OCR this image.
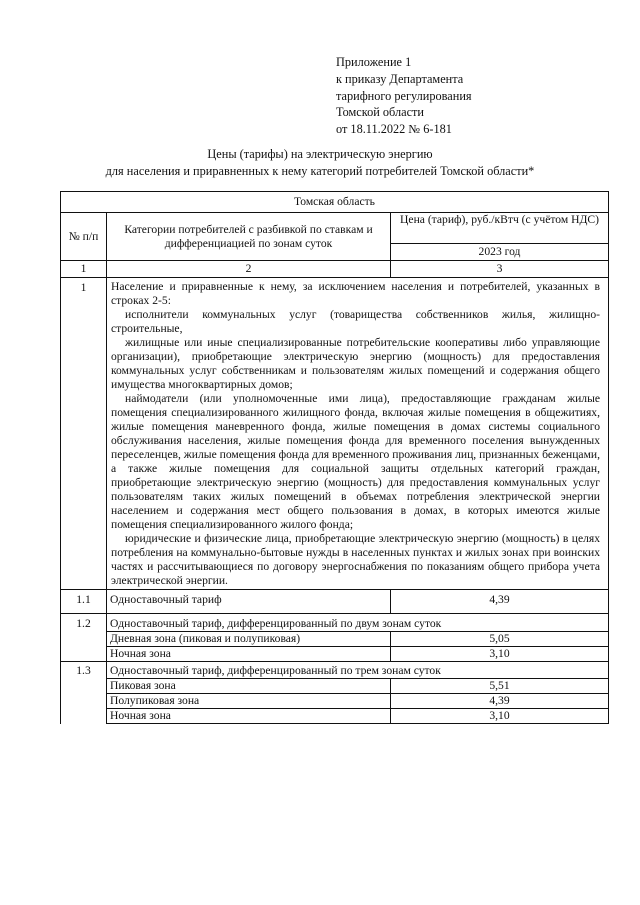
Приложение 1
к приказу Департамента
тарифного регулирования
Томской области
от 18.11.2022 № 6-181
Цены (тарифы) на электрическую энергию
для населения и приравненных к нему категорий потребителей Томской области*
Томская область		
№ п/п	Категории потребителей с разбивкой по ставкам и дифференциацией по зонам суток	Цена (тариф), руб./кВтч (с учётом НДС)
		2023 год
1	2	3
1	Население и приравненные к нему, за исключением населения и потребителей, указанных в строках 2-5:

исполнители коммунальных услуг (товарищества собственников жилья, жилищно-строительные,

жилищные или иные специализированные потребительские кооперативы либо управляющие организации), приобретающие электрическую энергию (мощность) для предоставления коммунальных услуг собственникам и пользователям жилых помещений и содержания общего имущества многоквартирных домов;

наймодатели (или уполномоченные ими лица), предоставляющие гражданам жилые помещения специализированного жилищного фонда, включая жилые помещения в общежитиях, жилые помещения маневренного фонда, жилые помещения в домах системы социального обслуживания населения, жилые помещения фонда для временного поселения вынужденных переселенцев, жилые помещения фонда для временного проживания лиц, признанных беженцами, а также жилые помещения для социальной защиты отдельных категорий граждан, приобретающие электрическую энергию (мощность) для предоставления коммунальных услуг пользователям таких жилых помещений в объемах потребления электрической энергии населением и содержания мест общего пользования в домах, в которых имеются жилые помещения специализированного жилого фонда;

юридические и физические лица, приобретающие электрическую энергию (мощность) в целях потребления на коммунально-бытовые нужды в населенных пунктах и жилых зонах при воинских частях и рассчитывающиеся по договору энергоснабжения по показаниям общего прибора учета электрической энергии.	

1.1	Одноставочный тариф	4,39
1.2	Одноставочный тариф, дифференцированный по двум зонам суток	
	Дневная зона (пиковая и полупиковая)	5,05
	Ночная зона	3,10
1.3	Одноставочный тариф, дифференцированный по трем зонам суток	
	Пиковая зона	5,51
	Полупиковая зона	4,39
	Ночная зона	3,10
